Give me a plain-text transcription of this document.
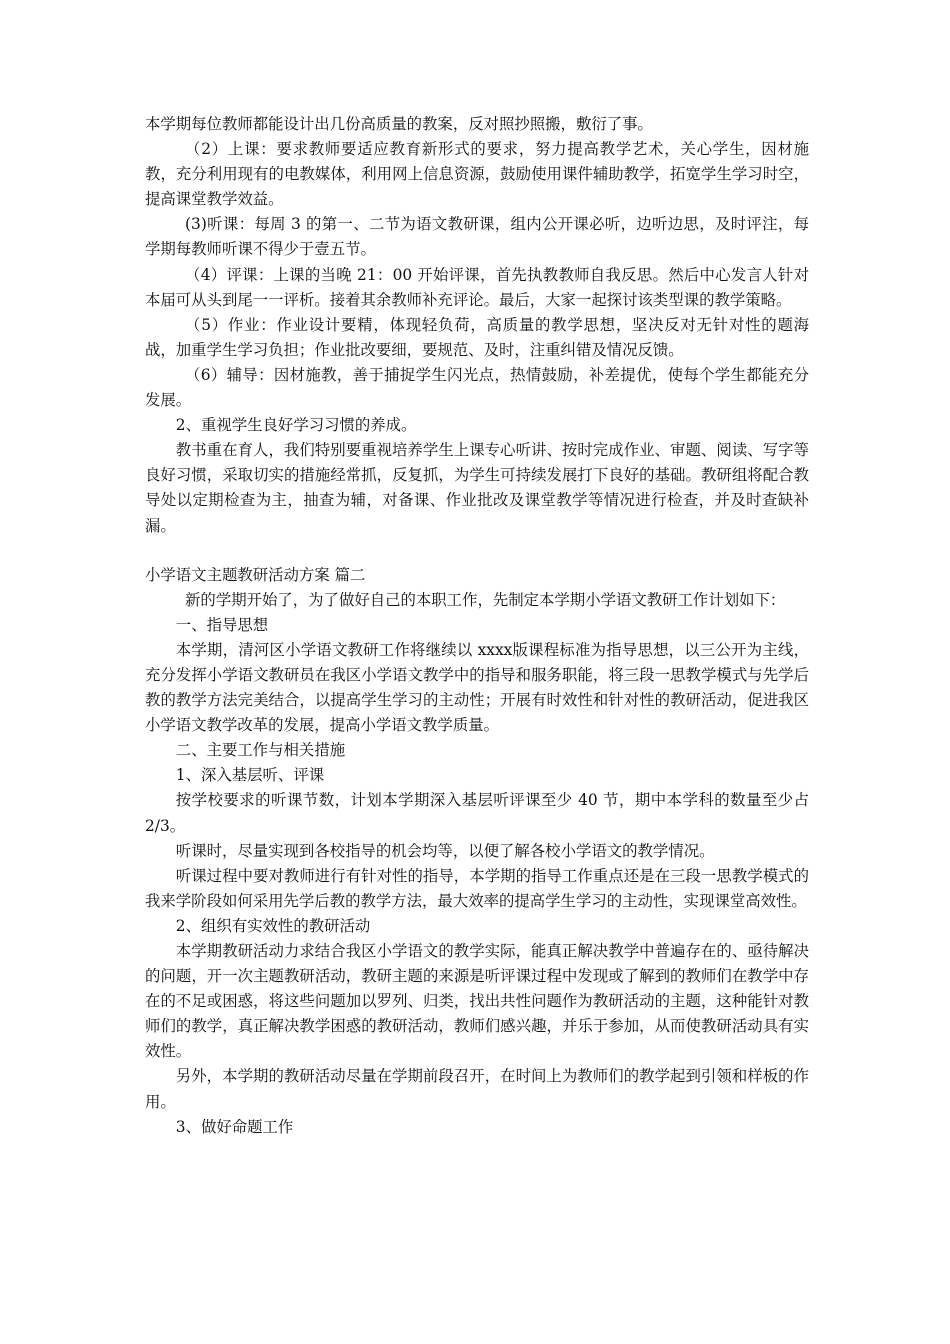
本学期每位教师都能设计出几份高质量的教案，反对照抄照搬，敷衍了事。

（2）上课：要求教师要适应教育新形式的要求，努力提高教学艺术，关心学生，因材施教，充分利用现有的电教媒体，利用网上信息资源，鼓励使用课件辅助教学，拓宽学生学习时空，提高课堂教学效益。

(3)听课：每周 3 的第一、二节为语文教研课，组内公开课必听，边听边思，及时评注，每学期每教师听课不得少于壹五节。

（4）评课：上课的当晚 21：00 开始评课，首先执教教师自我反思。然后中心发言人针对本届可从头到尾一一评析。接着其余教师补充评论。最后，大家一起探讨该类型课的教学策略。

（5）作业：作业设计要精，体现轻负荷，高质量的教学思想，坚决反对无针对性的题海战，加重学生学习负担；作业批改要细，要规范、及时，注重纠错及情况反馈。

（6）辅导：因材施教，善于捕捉学生闪光点，热情鼓励，补差提优，使每个学生都能充分发展。

2、重视学生良好学习习惯的养成。

教书重在育人，我们特别要重视培养学生上课专心听讲、按时完成作业、审题、阅读、写字等良好习惯，采取切实的措施经常抓，反复抓，为学生可持续发展打下良好的基础。教研组将配合教导处以定期检查为主，抽查为辅，对备课、作业批改及课堂教学等情况进行检查，并及时查缺补漏。

小学语文主题教研活动方案 篇二

新的学期开始了，为了做好自己的本职工作，先制定本学期小学语文教研工作计划如下：

一、指导思想

本学期，清河区小学语文教研工作将继续以 xxxx版课程标准为指导思想，以三公开为主线，充分发挥小学语文教研员在我区小学语文教学中的指导和服务职能，将三段一思教学模式与先学后教的教学方法完美结合，以提高学生学习的主动性；开展有时效性和针对性的教研活动，促进我区小学语文教学改革的发展，提高小学语文教学质量。

二、主要工作与相关措施

1、深入基层听、评课

按学校要求的听课节数，计划本学期深入基层听评课至少 40 节，期中本学科的数量至少占 2/3。

听课时，尽量实现到各校指导的机会均等，以便了解各校小学语文的教学情况。

听课过程中要对教师进行有针对性的指导，本学期的指导工作重点还是在三段一思教学模式的我来学阶段如何采用先学后教的教学方法，最大效率的提高学生学习的主动性，实现课堂高效性。

2、组织有实效性的教研活动

本学期教研活动力求结合我区小学语文的教学实际，能真正解决教学中普遍存在的、亟待解决的问题，开一次主题教研活动，教研主题的来源是听评课过程中发现或了解到的教师们在教学中存在的不足或困惑，将这些问题加以罗列、归类，找出共性问题作为教研活动的主题，这种能针对教师们的教学，真正解决教学困惑的教研活动，教师们感兴趣，并乐于参加，从而使教研活动具有实效性。

另外，本学期的教研活动尽量在学期前段召开，在时间上为教师们的教学起到引领和样板的作用。

3、做好命题工作
